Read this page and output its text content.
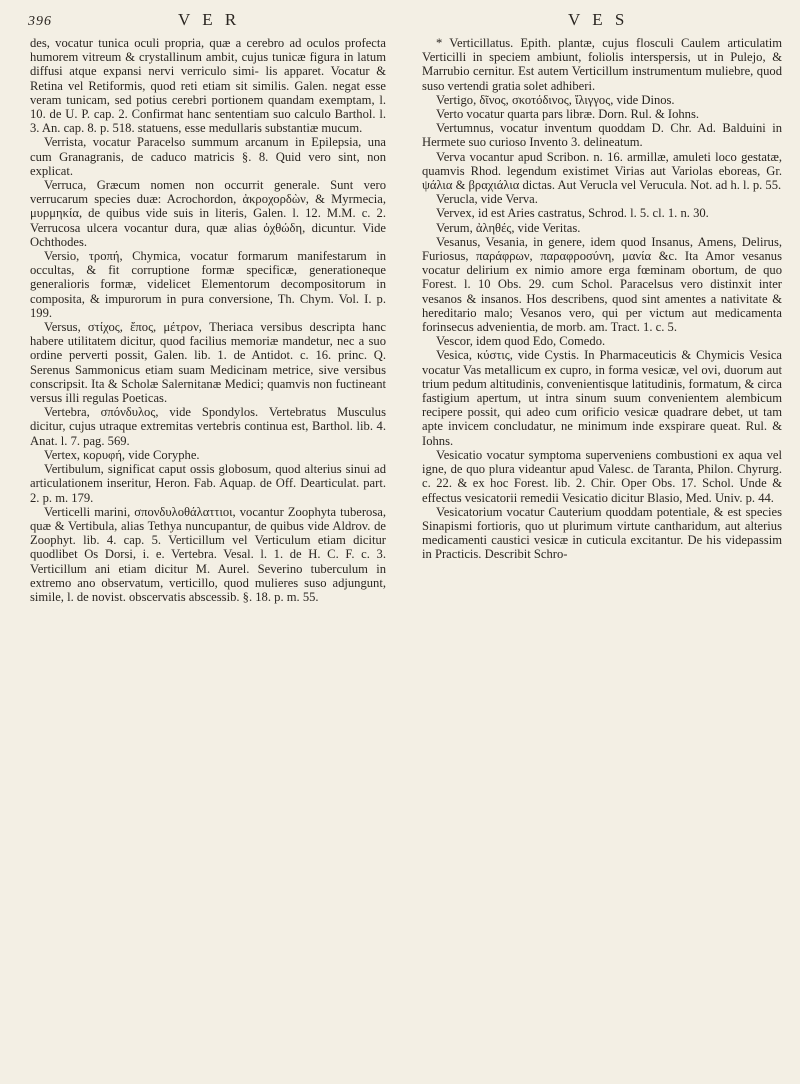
396	V E R	V E S

des, vocatur tunica oculi propria, quæ a cerebro ad oculos profecta humorem vitreum & crystallinum ambit, cujus tunicæ figura in latum diffusi atque expansi nervi verriculo simi- lis apparet. Vocatur & Retina vel Retiformis, quod reti etiam sit similis. Galen. negat esse veram tunicam, sed potius cerebri portionem quandam exemptam, l. 10. de U. P. cap. 2. Confirmat hanc sententiam suo calculo Barthol. l. 3. An. cap. 8. p. 518. statuens, esse medullaris substantiæ mucum.

Verrista, vocatur Paracelso summum arcanum in Epilepsia, una cum Granagranis, de caduco matricis §. 8. Quid vero sint, non explicat.

Verruca, Græcum nomen non occurrit generale. Sunt vero verrucarum species duæ: Acrochordon, ἀκροχορδὼν, & Myrmecia, μυρμηκία, de quibus vide suis in literis, Galen. l. 12. M.M. c. 2. Verrucosa ulcera vocantur dura, quæ alias ὀχθώδη, dicuntur. Vide Ochthodes.

Versio, τροπή, Chymica, vocatur formarum manifestarum in occultas, & fit corruptione formæ specificæ, generationeque generalioris formæ, videlicet Elementorum decompositorum in composita, & impurorum in pura conversione, Th. Chym. Vol. I. p. 199.

Versus, στίχος, ἔπος, μέτρον, Theriaca versibus descripta hanc habere utilitatem dicitur, quod facilius memoriæ mandetur, nec a suo ordine perverti possit, Galen. lib. 1. de Antidot. c. 16. princ. Q. Serenus Sammonicus etiam suam Medicinam metrice, sive versibus conscripsit. Ita & Scholæ Salernitanæ Medici; quamvis non fuctineant versus illi regulas Poeticas.

Vertebra, σπόνδυλος, vide Spondylos. Vertebratus Musculus dicitur, cujus utraque extremitas vertebris continua est, Barthol. lib. 4. Anat. l. 7. pag. 569.

Vertex, κορυφή, vide Coryphe.

Vertibulum, significat caput ossis globosum, quod alterius sinui ad articulationem inseritur, Heron. Fab. Aquap. de Off. Dearticulat. part. 2. p. m. 179.

Verticelli marini, σπονδυλοθάλαττιοι, vocantur Zoophyta tuberosa, quæ & Vertibula, alias Tethya nuncupantur, de quibus vide Aldrov. de Zoophyt. lib. 4. cap. 5. Verticillum vel Verticulum etiam dicitur quodlibet Os Dorsi, i. e. Vertebra. Vesal. l. 1. de H. C. F. c. 3. Verticillum ani etiam dicitur M. Aurel. Severino tuberculum in extremo ano observatum, verticillo, quod mulieres suso adjungunt, simile, l. de novist. obscervatis abscessib. §. 18. p. m. 55.

* Verticillatus. Epith. plantæ, cujus flosculi Caulem articulatim Verticilli in speciem ambiunt, foliolis interspersis, ut in Pulejo, & Marrubio cernitur. Est autem Verticillum instrumentum muliebre, quod suso vertendi gratia solet adhiberi.

Vertigo, δῖνος, σκοτόδινος, ἴλιγγος, vide Dinos.

Verto vocatur quarta pars libræ. Dorn. Rul. & Iohns.

Vertumnus, vocatur inventum quoddam D. Chr. Ad. Balduini in Hermete suo curioso Invento 3. delineatum.

Verva vocantur apud Scribon. n. 16. armillæ, amuleti loco gestatæ, quamvis Rhod. legendum existimet Virias aut Variolas eboreas, Gr. ψάλια & βραχιάλια dictas. Aut Verucla vel Verucula. Not. ad h. l. p. 55.

Verucla, vide Verva.

Vervex, id est Aries castratus, Schrod. l. 5. cl. 1. n. 30.

Verum, ἀληθές, vide Veritas.

Vesanus, Vesania, in genere, idem quod Insanus, Amens, Delirus, Furiosus, παράφρων, παραφροσύνη, μανία &c. Ita Amor vesanus vocatur delirium ex nimio amore erga fœminam obortum, de quo Forest. l. 10 Obs. 29. cum Schol. Paracelsus vero distinxit inter vesanos & insanos. Hos describens, quod sint amentes a nativitate & hereditario malo; Vesanos vero, qui per victum aut medicamenta forinsecus advenientia, de morb. am. Tract. 1. c. 5.

Vescor, idem quod Edo, Comedo.

Vesica, κύστις, vide Cystis. In Pharmaceuticis & Chymicis Vesica vocatur Vas metallicum ex cupro, in forma vesicæ, vel ovi, duorum aut trium pedum altitudinis, convenientisque latitudinis, formatum, & circa fastigium apertum, ut intra sinum suum convenientem alembicum recipere possit, qui adeo cum orificio vesicæ quadrare debet, ut tam apte invicem concludatur, ne minimum inde exspirare queat. Rul. & Iohns.

Vesicatio vocatur symptoma superveniens combustioni ex aqua vel igne, de quo plura videantur apud Valesc. de Taranta, Philon. Chyrurg. c. 22. & ex hoc Forest. lib. 2. Chir. Oper Obs. 17. Schol. Unde & effectus vesicatorii remedii Vesicatio dicitur Blasio, Med. Univ. p. 44.

Vesicatorium vocatur Cauterium quoddam potentiale, & est species Sinapismi fortioris, quo ut plurimum virtute cantharidum, aut alterius medicamenti caustici vesicæ in cuticula excitantur. De his videpassim in Practicis. Describit Schro-
